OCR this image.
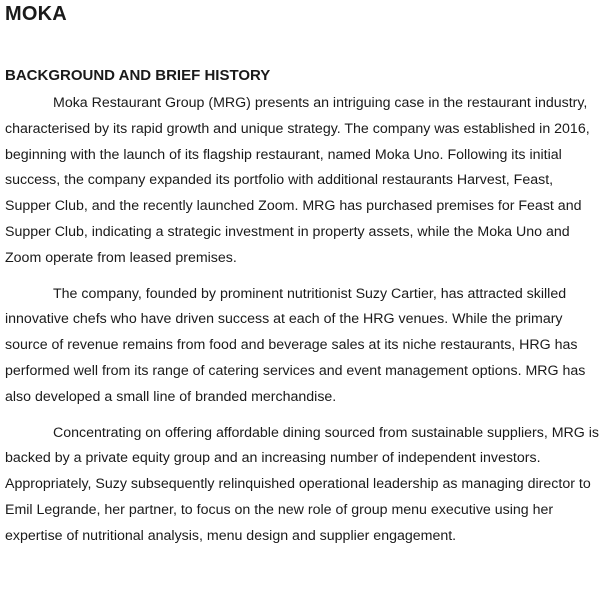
MOKA
BACKGROUND AND BRIEF HISTORY

Moka Restaurant Group (MRG) presents an intriguing case in the restaurant industry, characterised by its rapid growth and unique strategy. The company was established in 2016, beginning with the launch of its flagship restaurant, named Moka Uno. Following its initial success, the company expanded its portfolio with additional restaurants Harvest, Feast, Supper Club, and the recently launched Zoom. MRG has purchased premises for Feast and Supper Club, indicating a strategic investment in property assets, while the Moka Uno and Zoom operate from leased premises.

The company, founded by prominent nutritionist Suzy Cartier, has attracted skilled innovative chefs who have driven success at each of the HRG venues. While the primary source of revenue remains from food and beverage sales at its niche restaurants, HRG has performed well from its range of catering services and event management options. MRG has also developed a small line of branded merchandise.

Concentrating on offering affordable dining sourced from sustainable suppliers, MRG is backed by a private equity group and an increasing number of independent investors. Appropriately, Suzy subsequently relinquished operational leadership as managing director to Emil Legrande, her partner, to focus on the new role of group menu executive using her expertise of nutritional analysis, menu design and supplier engagement.
